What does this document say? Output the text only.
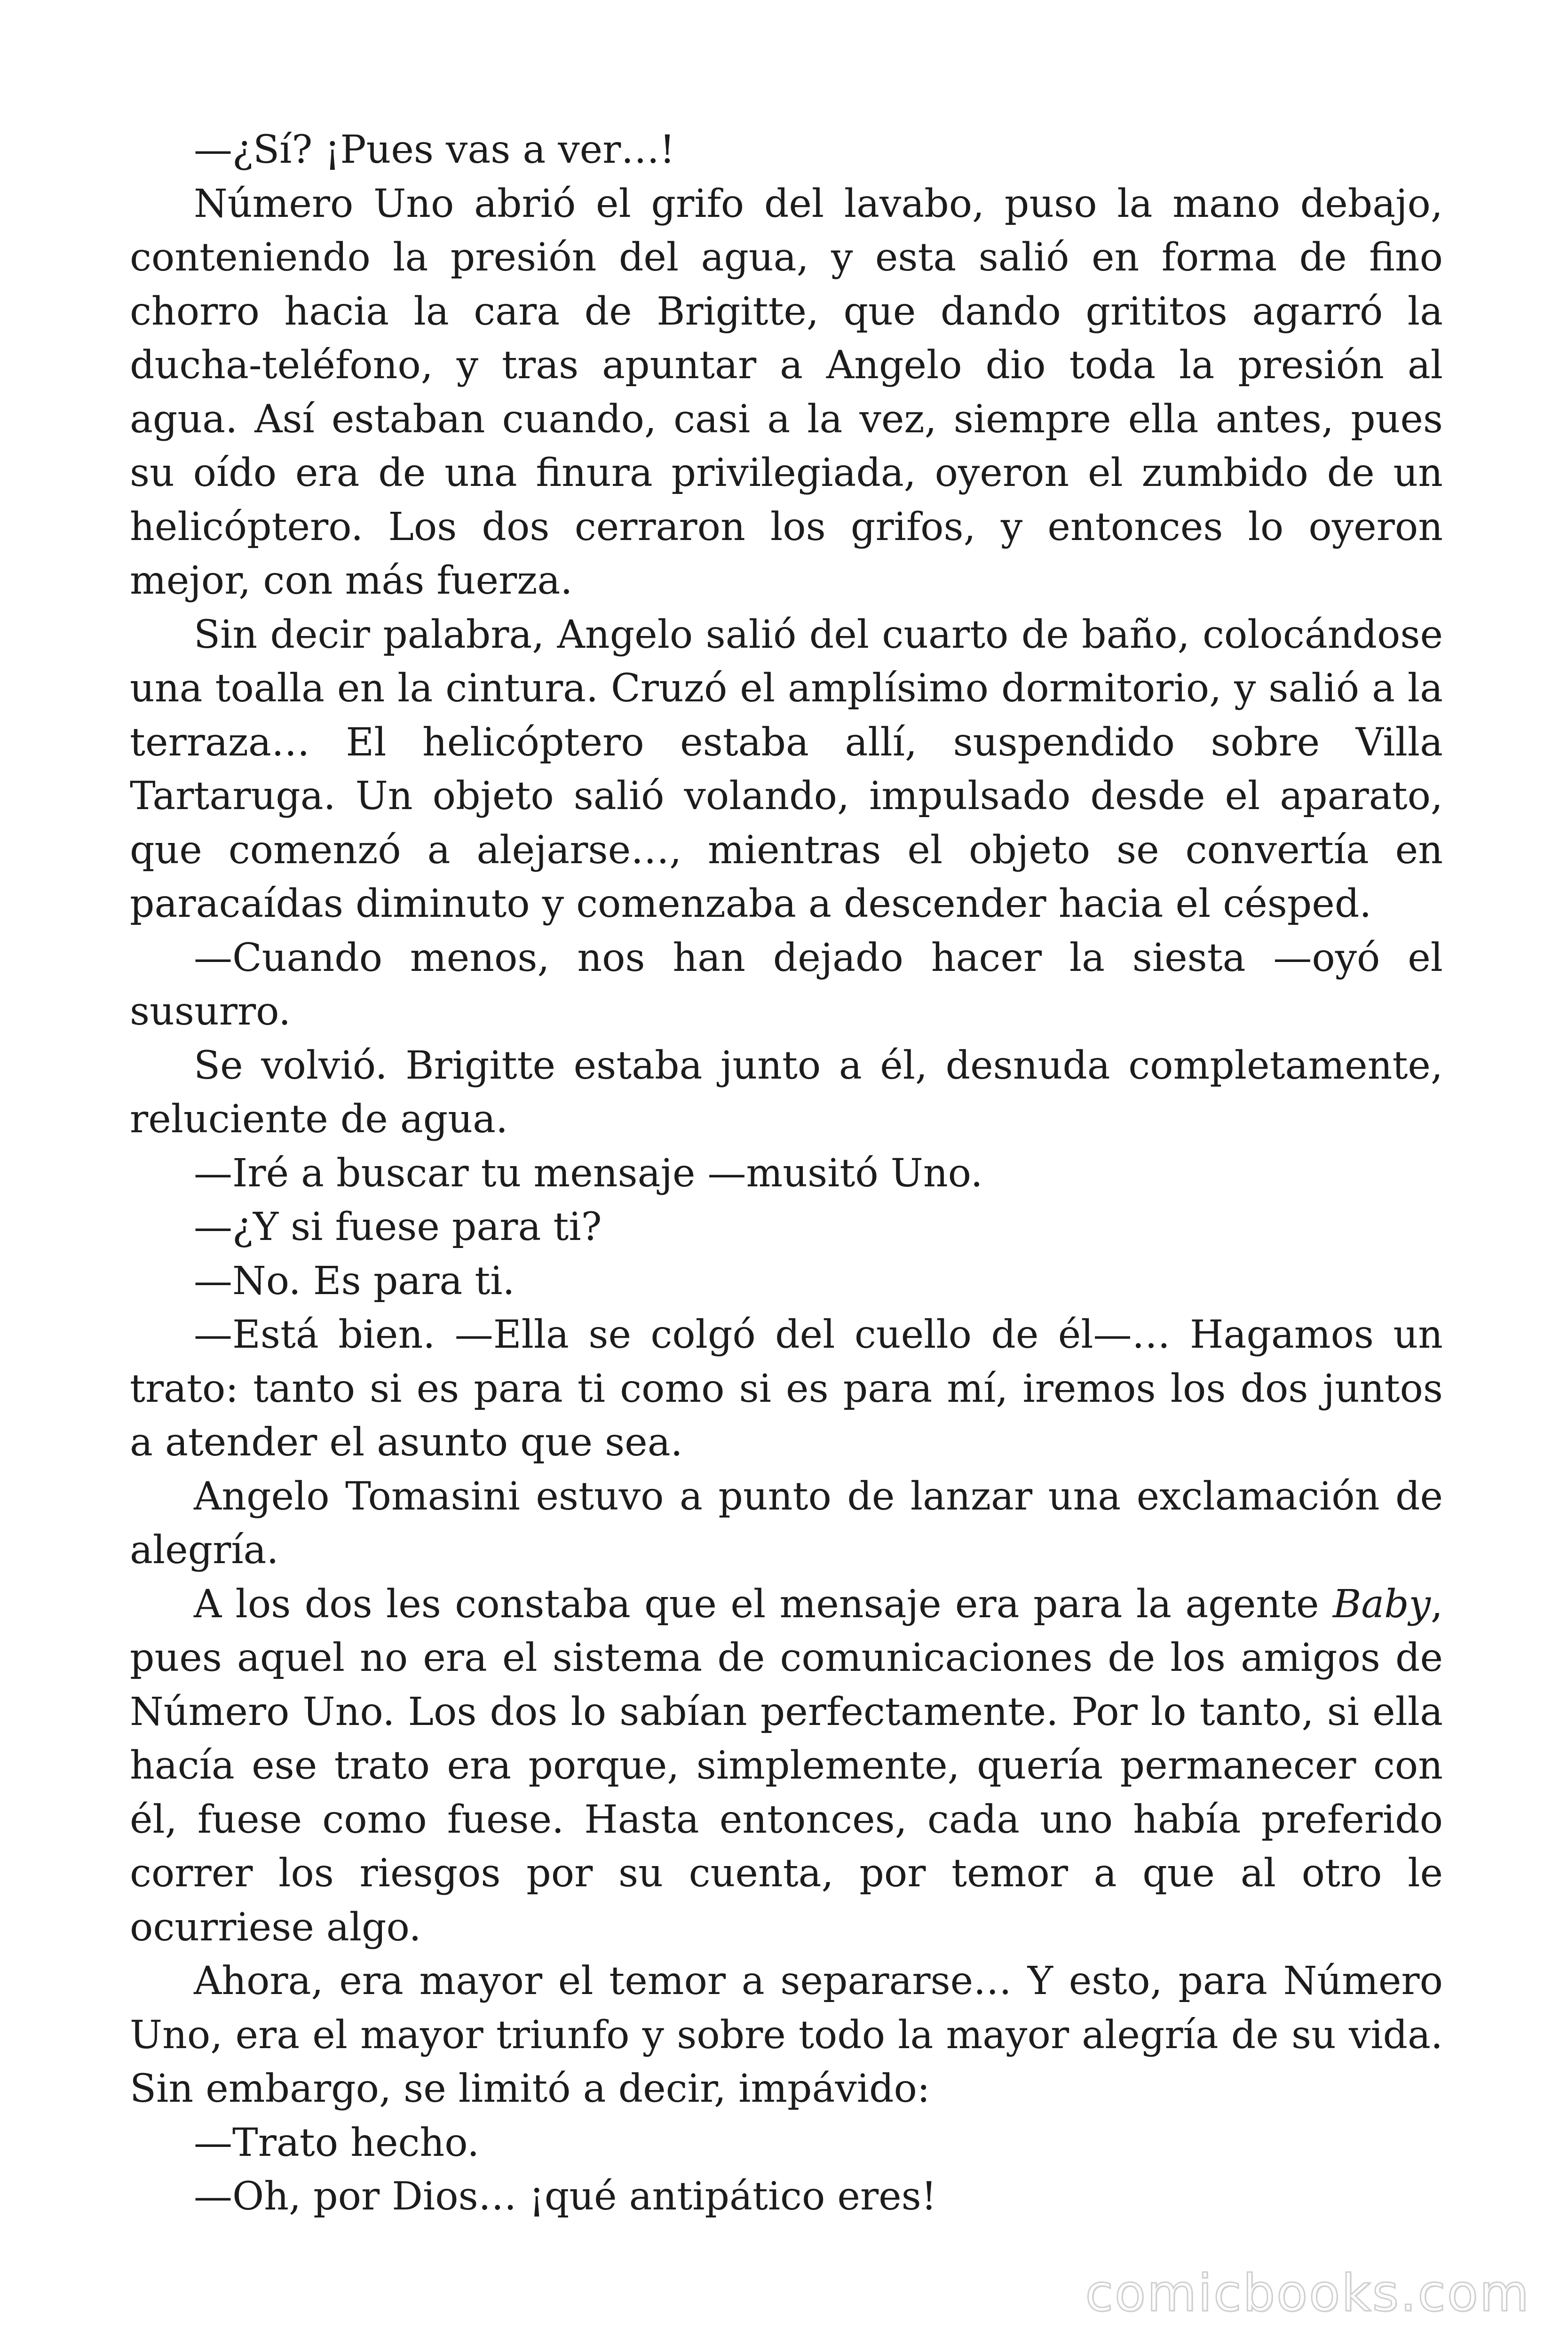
—¿Sí? ¡Pues vas a ver…!

Número Uno abrió el grifo del lavabo, puso la mano debajo, conteniendo la presión del agua, y esta salió en forma de fino chorro hacia la cara de Brigitte, que dando grititos agarró la ducha-teléfono, y tras apuntar a Angelo dio toda la presión al agua. Así estaban cuando, casi a la vez, siempre ella antes, pues su oído era de una finura privilegiada, oyeron el zumbido de un helicóptero. Los dos cerraron los grifos, y entonces lo oyeron mejor, con más fuerza.

Sin decir palabra, Angelo salió del cuarto de baño, colocándose una toalla en la cintura. Cruzó el amplísimo dormitorio, y salió a la terraza… El helicóptero estaba allí, suspendido sobre Villa Tartaruga. Un objeto salió volando, impulsado desde el aparato, que comenzó a alejarse…, mientras el objeto se convertía en paracaídas diminuto y comenzaba a descender hacia el césped.

—Cuando menos, nos han dejado hacer la siesta —oyó el susurro.

Se volvió. Brigitte estaba junto a él, desnuda completamente, reluciente de agua.

—Iré a buscar tu mensaje —musitó Uno.

—¿Y si fuese para ti?

—No. Es para ti.

—Está bien. —Ella se colgó del cuello de él—… Hagamos un trato: tanto si es para ti como si es para mí, iremos los dos juntos a atender el asunto que sea.

Angelo Tomasini estuvo a punto de lanzar una exclamación de alegría.

A los dos les constaba que el mensaje era para la agente Baby, pues aquel no era el sistema de comunicaciones de los amigos de Número Uno. Los dos lo sabían perfectamente. Por lo tanto, si ella hacía ese trato era porque, simplemente, quería permanecer con él, fuese como fuese. Hasta entonces, cada uno había preferido correr los riesgos por su cuenta, por temor a que al otro le ocurriese algo.

Ahora, era mayor el temor a separarse… Y esto, para Número Uno, era el mayor triunfo y sobre todo la mayor alegría de su vida. Sin embargo, se limitó a decir, impávido:

—Trato hecho.

—Oh, por Dios… ¡qué antipático eres!

comicbooks.com
